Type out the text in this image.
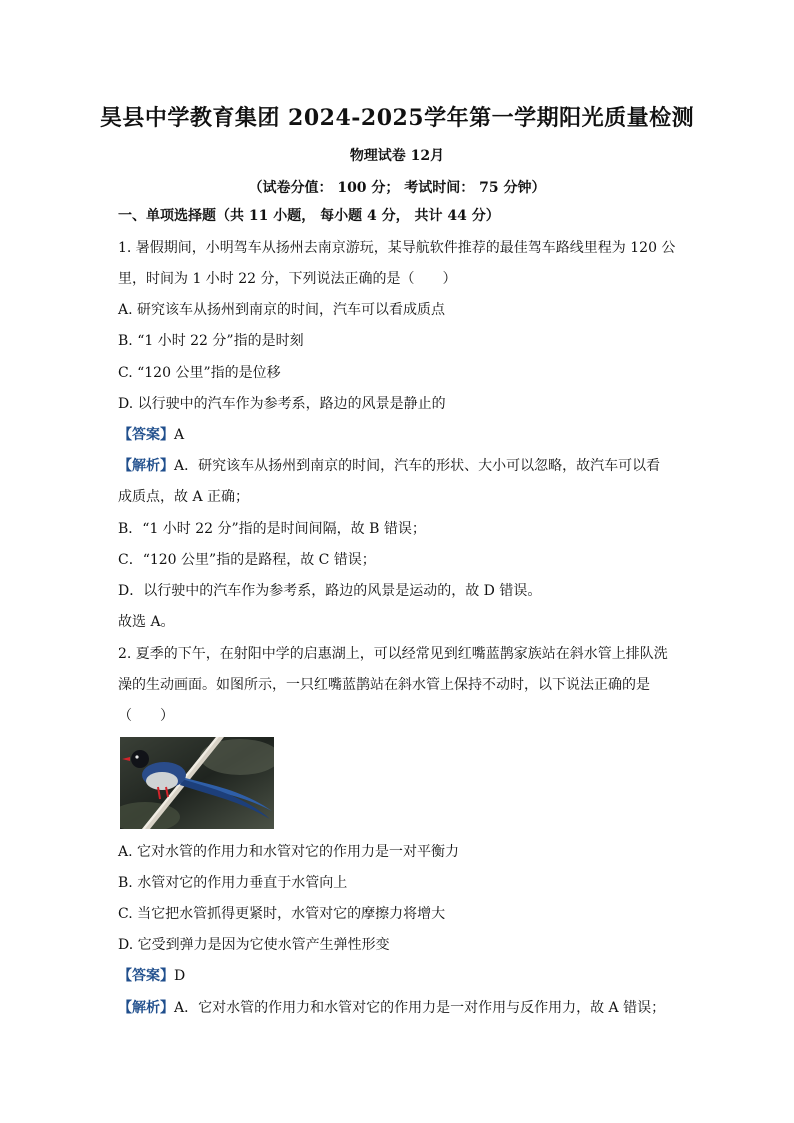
昊县中学教育集团 2024-2025学年第一学期阳光质量检测
物理试卷 12月
（试卷分值： 100 分； 考试时间： 75 分钟）
一、单项选择题（共 11 小题， 每小题 4 分， 共计 44 分）
1. 暑假期间，小明驾车从扬州去南京游玩，某导航软件推荐的最佳驾车路线里程为 120 公
里，时间为 1 小时 22 分，下列说法正确的是（　　）
A. 研究该车从扬州到南京的时间，汽车可以看成质点
B. “1 小时 22 分”指的是时刻
C. “120 公里”指的是位移
D. 以行驶中的汽车作为参考系，路边的风景是静止的
【答案】A
【解析】A．研究该车从扬州到南京的时间，汽车的形状、大小可以忽略，故汽车可以看
成质点，故 A 正确；
B．“1 小时 22 分”指的是时间间隔，故 B 错误；
C．“120 公里”指的是路程，故 C 错误；
D．以行驶中的汽车作为参考系，路边的风景是运动的，故 D 错误。
故选 A。
2. 夏季的下午，在射阳中学的启惠湖上，可以经常见到红嘴蓝鹊家族站在斜水管上排队洗
澡的生动画面。如图所示，一只红嘴蓝鹊站在斜水管上保持不动时，以下说法正确的是
（　　）
A. 它对水管的作用力和水管对它的作用力是一对平衡力
B. 水管对它的作用力垂直于水管向上
C. 当它把水管抓得更紧时，水管对它的摩擦力将增大
D. 它受到弹力是因为它使水管产生弹性形变
【答案】D
【解析】A．它对水管的作用力和水管对它的作用力是一对作用与反作用力，故 A 错误；
